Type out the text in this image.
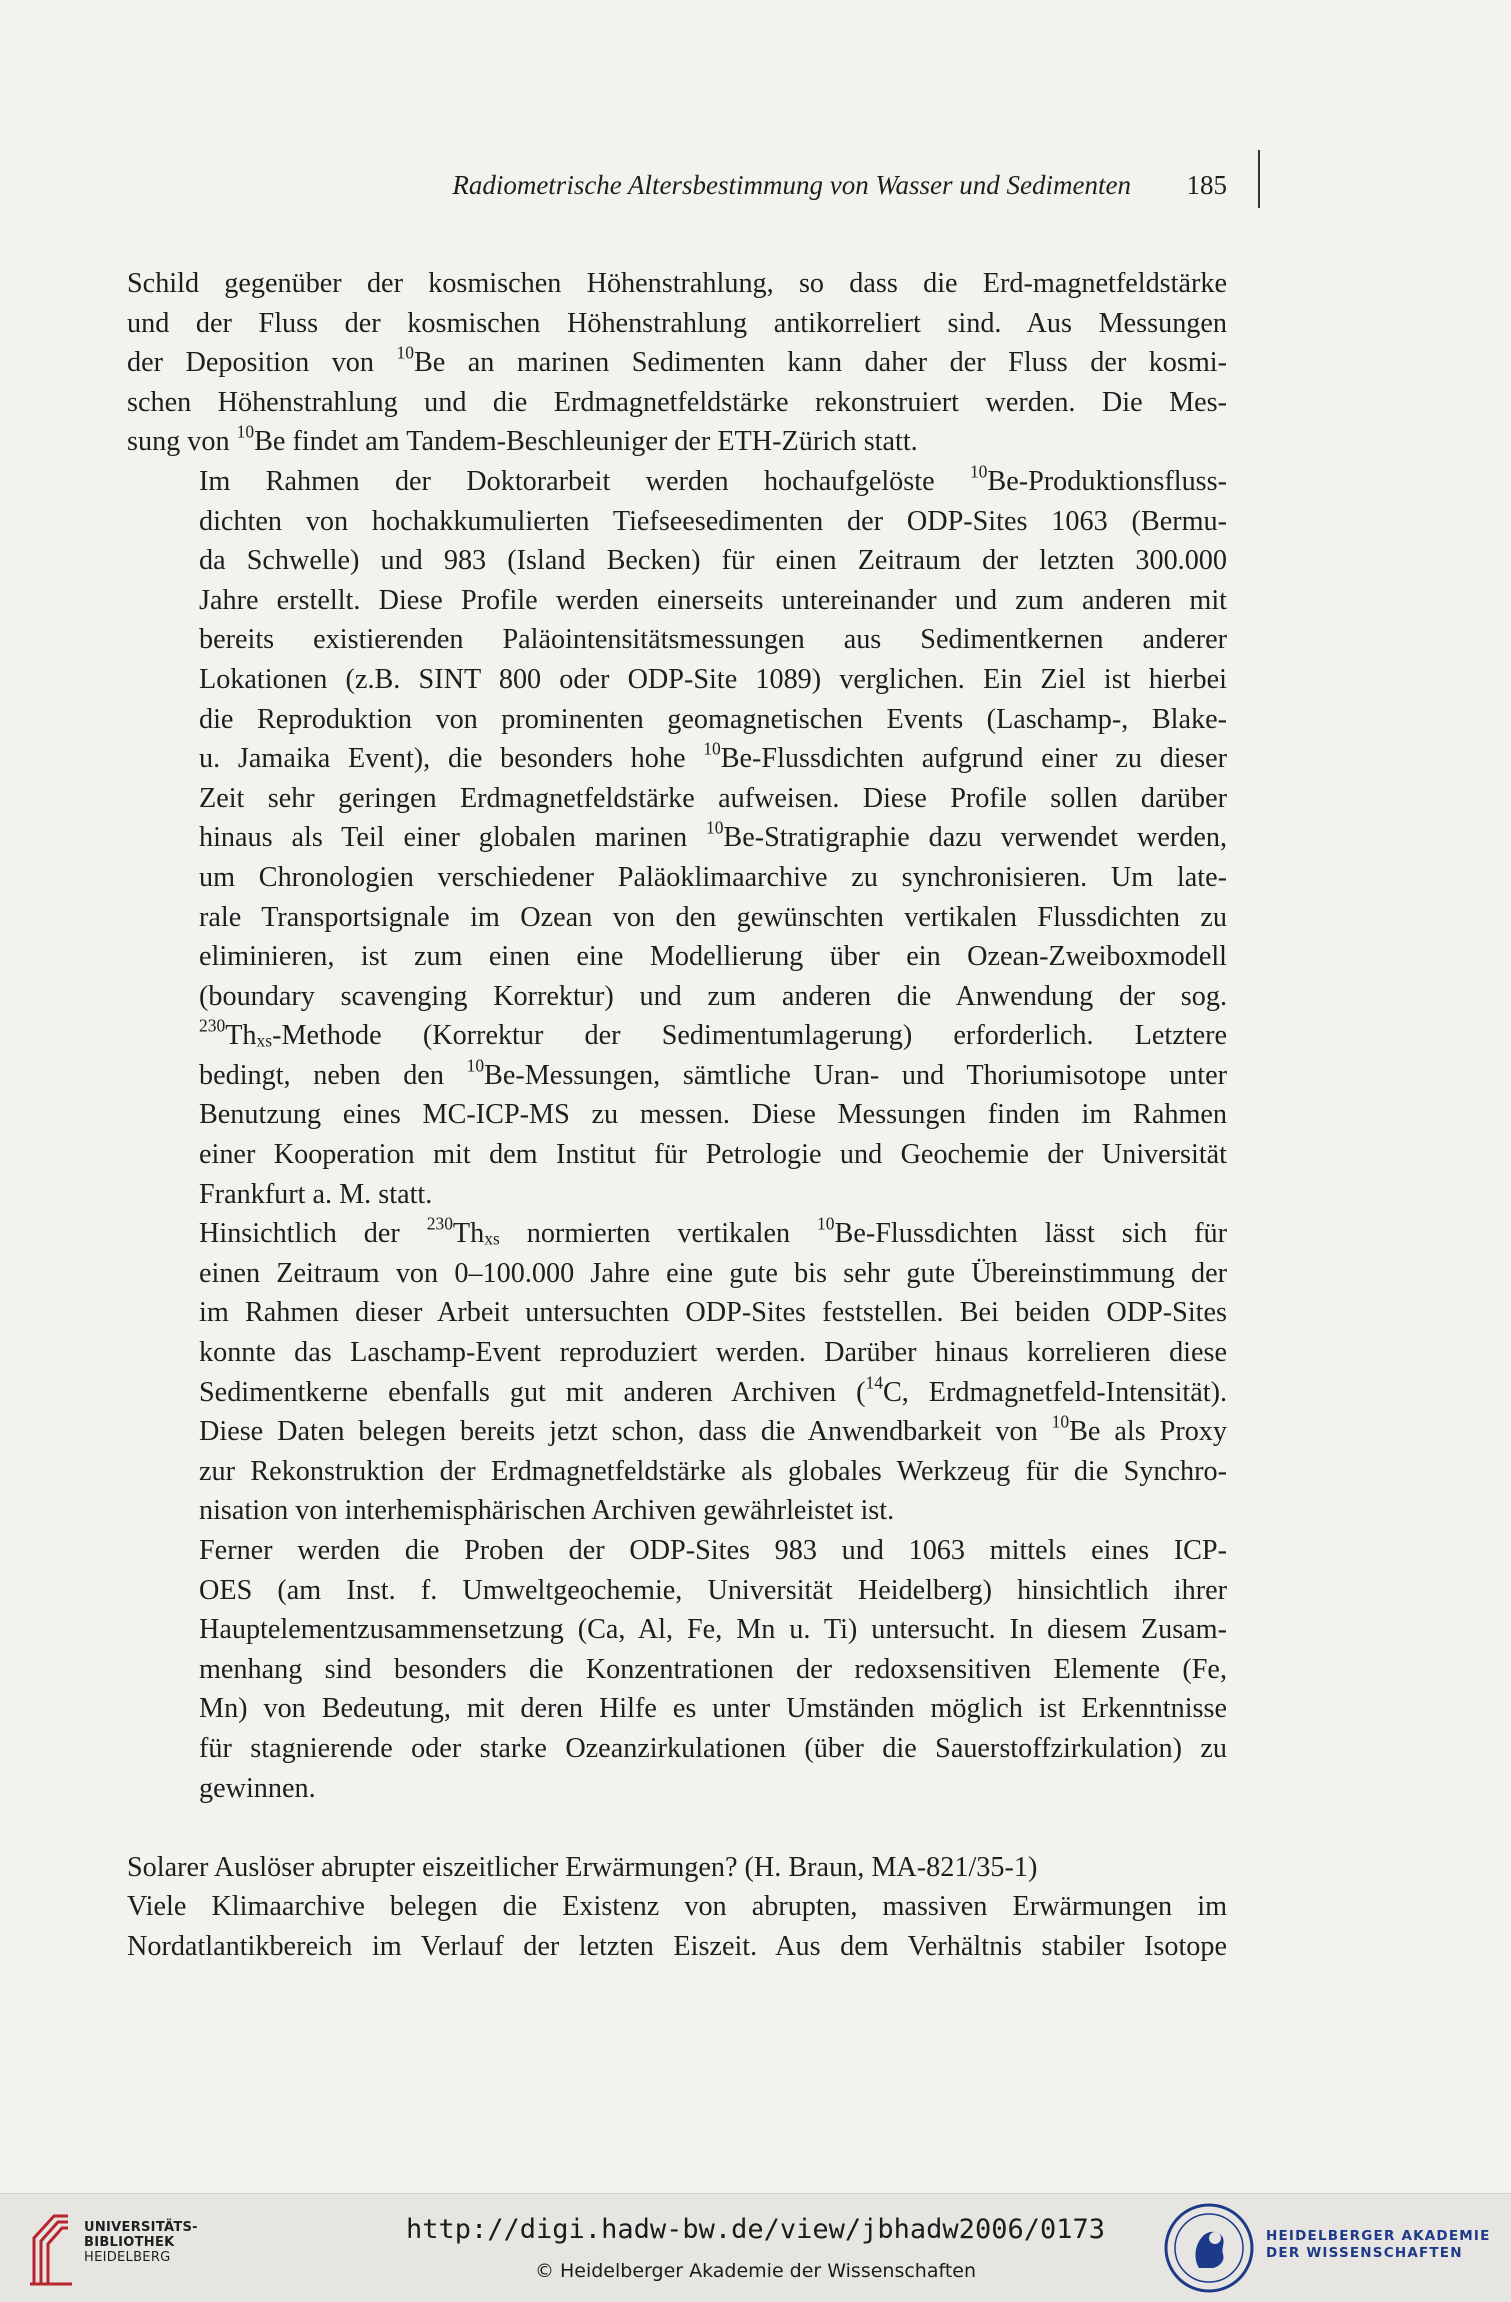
Radiometrische Altersbestimmung von Wasser und Sedimenten 185

Schild gegenüber der kosmischen Höhenstrahlung, so dass die Erd-magnetfeldstärke
und der Fluss der kosmischen Höhenstrahlung antikorreliert sind. Aus Messungen
der Deposition von $^{10}$Be an marinen Sedimenten kann daher der Fluss der kosmi-
schen Höhenstrahlung und die Erdmagnetfeldstärke rekonstruiert werden. Die Mes-
sung von $^{10}$Be findet am Tandem-Beschleuniger der ETH-Zürich statt.

Im Rahmen der Doktorarbeit werden hochaufgelöste $^{10}$Be-Produktionsfluss-
dichten von hochakkumulierten Tiefseesedimenten der ODP-Sites 1063 (Bermu-
da Schwelle) und 983 (Island Becken) für einen Zeitraum der letzten 300.000
Jahre erstellt. Diese Profile werden einerseits untereinander und zum anderen mit
bereits existierenden Paläointensitätsmessungen aus Sedimentkernen anderer
Lokationen (z.B. SINT 800 oder ODP-Site 1089) verglichen. Ein Ziel ist hierbei
die Reproduktion von prominenten geomagnetischen Events (Laschamp-, Blake-
u. Jamaika Event), die besonders hohe $^{10}$Be-Flussdichten aufgrund einer zu dieser
Zeit sehr geringen Erdmagnetfeldstärke aufweisen. Diese Profile sollen darüber
hinaus als Teil einer globalen marinen $^{10}$Be-Stratigraphie dazu verwendet werden,
um Chronologien verschiedener Paläoklimaarchive zu synchronisieren. Um late-
rale Transportsignale im Ozean von den gewünschten vertikalen Flussdichten zu
eliminieren, ist zum einen eine Modellierung über ein Ozean-Zweiboxmodell
(boundary scavenging Korrektur) und zum anderen die Anwendung der sog.
$^{230}Th_{xs}$-Methode (Korrektur der Sedimentumlagerung) erforderlich. Letztere
bedingt, neben den $^{10}$Be-Messungen, sämtliche Uran- und Thoriumisotope unter
Benutzung eines MC-ICP-MS zu messen. Diese Messungen finden im Rahmen
einer Kooperation mit dem Institut für Petrologie und Geochemie der Universität
Frankfurt a. M. statt.

Hinsichtlich der $^{230}Th_{xs}$ normierten vertikalen $^{10}$Be-Flussdichten lässt sich für
einen Zeitraum von 0–100.000 Jahre eine gute bis sehr gute Übereinstimmung der
im Rahmen dieser Arbeit untersuchten ODP-Sites feststellen. Bei beiden ODP-Sites
konnte das Laschamp-Event reproduziert werden. Darüber hinaus korrelieren diese
Sedimentkerne ebenfalls gut mit anderen Archiven ($^{14}$C, Erdmagnetfeld-Intensität).
Diese Daten belegen bereits jetzt schon, dass die Anwendbarkeit von $^{10}$Be als Proxy
zur Rekonstruktion der Erdmagnetfeldstärke als globales Werkzeug für die Synchro-
nisation von interhemisphärischen Archiven gewährleistet ist.

Ferner werden die Proben der ODP-Sites 983 und 1063 mittels eines ICP-
OES (am Inst. f. Umweltgeochemie, Universität Heidelberg) hinsichtlich ihrer
Hauptelementzusammensetzung (Ca, Al, Fe, Mn u. Ti) untersucht. In diesem Zusam-
menhang sind besonders die Konzentrationen der redoxsensitiven Elemente (Fe,
Mn) von Bedeutung, mit deren Hilfe es unter Umständen möglich ist Erkenntnisse
für stagnierende oder starke Ozeanzirkulationen (über die Sauerstoffzirkulation) zu
gewinnen.

Solarer Auslöser abrupter eiszeitlicher Erwärmungen? (H. Braun, MA-821/35-1)

Viele Klimaarchive belegen die Existenz von abrupten, massiven Erwärmungen im
Nordatlantikbereich im Verlauf der letzten Eiszeit. Aus dem Verhältnis stabiler Isotope

UNIVERSITÄTS-
BIBLIOTHEK
HEIDELBERG
http://digi.hadw-bw.de/view/jbhadw2006/0173
© Heidelberger Akademie der Wissenschaften
HEIDELBERGER AKADEMIE
DER WISSENSCHAFTEN
